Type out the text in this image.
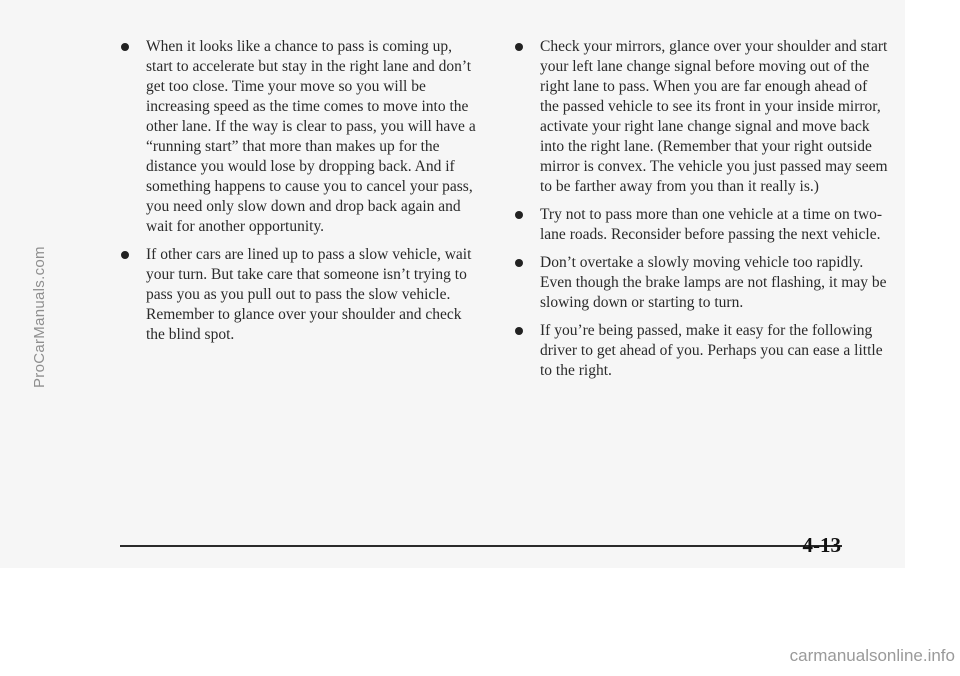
ProCarManuals.com
When it looks like a chance to pass is coming up, start to accelerate but stay in the right lane and don’t get too close. Time your move so you will be increasing speed as the time comes to move into the other lane. If the way is clear to pass, you will have a “running start” that more than makes up for the distance you would lose by dropping back. And if something happens to cause you to cancel your pass, you need only slow down and drop back again and wait for another opportunity.
If other cars are lined up to pass a slow vehicle, wait your turn. But take care that someone isn’t trying to pass you as you pull out to pass the slow vehicle. Remember to glance over your shoulder and check the blind spot.
Check your mirrors, glance over your shoulder and start your left lane change signal before moving out of the right lane to pass. When you are far enough ahead of the passed vehicle to see its front in your inside mirror, activate your right lane change signal and move back into the right lane. (Remember that your right outside mirror is convex. The vehicle you just passed may seem to be farther away from you than it really is.)
Try not to pass more than one vehicle at a time on two-lane roads. Reconsider before passing the next vehicle.
Don’t overtake a slowly moving vehicle too rapidly. Even though the brake lamps are not flashing, it may be slowing down or starting to turn.
If you’re being passed, make it easy for the following driver to get ahead of you. Perhaps you can ease a little to the right.
4-13
carmanualsonline.info
